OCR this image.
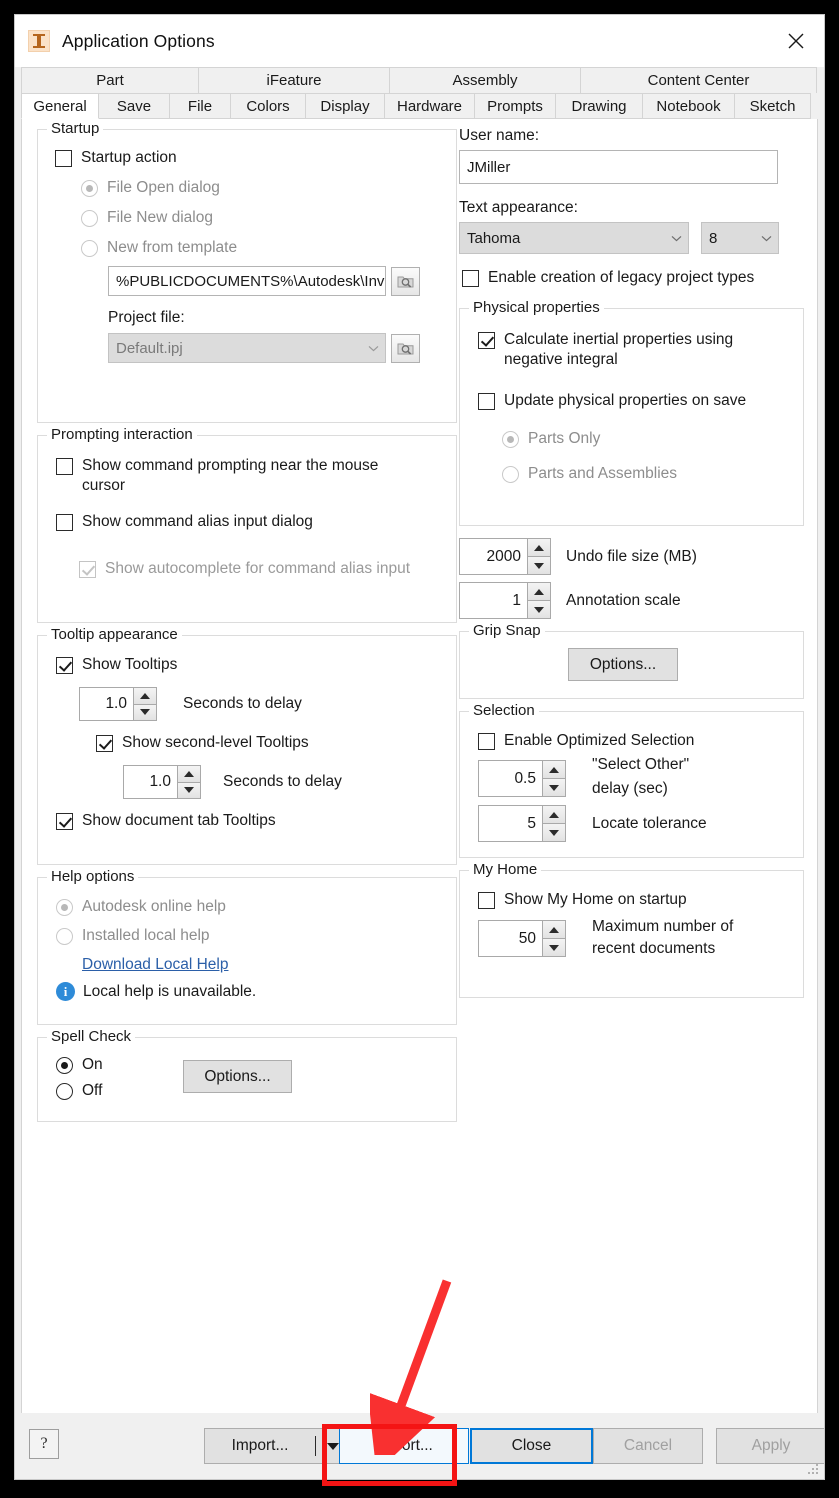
Application Options
Part	iFeature	Assembly	Content Center
General	Save	File	Colors	Display	Hardware	Prompts	Drawing	Notebook	Sketch
Startup
Startup action
File Open dialog
File New dialog
New from template
%PUBLICDOCUMENTS%\Autodesk\Inv
Project file:
Default.ipj
Prompting interaction
Show command prompting near the mouse cursor
Show command alias input dialog
Show autocomplete for command alias input
Tooltip appearance
Show Tooltips
1.0	Seconds to delay
Show second-level Tooltips
1.0	Seconds to delay
Show document tab Tooltips
Help options
Autodesk online help
Installed local help
Download Local Help
i	Local help is unavailable.
Spell Check
On
Off
Options...
User name:
JMiller
Text appearance:
Tahoma	8
Enable creation of legacy project types
Physical properties
Calculate inertial properties using negative integral
Update physical properties on save
Parts Only
Parts and Assemblies
2000	Undo file size (MB)
1	Annotation scale
Grip Snap
Options...
Selection
Enable Optimized Selection
0.5
"Select Other"
delay (sec)
5	Locate tolerance
My Home
Show My Home on startup
50
Maximum number of
recent documents
?	Import...	Export...	Close	Cancel	Apply
